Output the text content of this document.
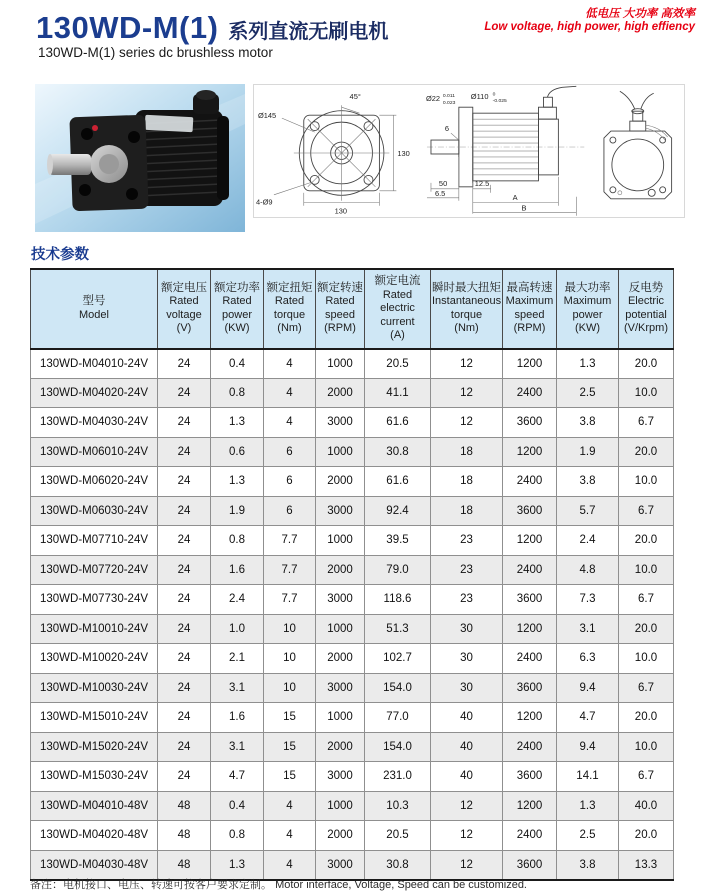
130WD-M(1) 系列直流无刷电机
130WD-M(1) series dc brushless motor
低电压 大功率 高效率
Low voltage, high power, high effiency
Ø145
45°
130
130
4-Ø9
Ø22 0.011 0.023
Ø110 0 -0.025
6
50
6.5
12.5
A
B
技术参数
型号
Model

额定电压
Rated voltage
(V)

额定功率
Rated power
(KW)

额定扭矩
Rated torque
(Nm)

额定转速
Rated speed
(RPM)

额定电流
Rated electric current
(A)

瞬时最大扭矩
Instantaneous torque
(Nm)

最高转速
Maximum speed
(RPM)

最大功率
Maximum power
(KW)

反电势
Electric potential
(V/Krpm)

130WD-M04010-24V	24	0.4	4	1000	20.5	12	1200	1.3	20.0
130WD-M04020-24V	24	0.8	4	2000	41.1	12	2400	2.5	10.0
130WD-M04030-24V	24	1.3	4	3000	61.6	12	3600	3.8	6.7
130WD-M06010-24V	24	0.6	6	1000	30.8	18	1200	1.9	20.0
130WD-M06020-24V	24	1.3	6	2000	61.6	18	2400	3.8	10.0
130WD-M06030-24V	24	1.9	6	3000	92.4	18	3600	5.7	6.7
130WD-M07710-24V	24	0.8	7.7	1000	39.5	23	1200	2.4	20.0
130WD-M07720-24V	24	1.6	7.7	2000	79.0	23	2400	4.8	10.0
130WD-M07730-24V	24	2.4	7.7	3000	118.6	23	3600	7.3	6.7
130WD-M10010-24V	24	1.0	10	1000	51.3	30	1200	3.1	20.0
130WD-M10020-24V	24	2.1	10	2000	102.7	30	2400	6.3	10.0
130WD-M10030-24V	24	3.1	10	3000	154.0	30	3600	9.4	6.7
130WD-M15010-24V	24	1.6	15	1000	77.0	40	1200	4.7	20.0
130WD-M15020-24V	24	3.1	15	2000	154.0	40	2400	9.4	10.0
130WD-M15030-24V	24	4.7	15	3000	231.0	40	3600	14.1	6.7
130WD-M04010-48V	48	0.4	4	1000	10.3	12	1200	1.3	40.0
130WD-M04020-48V	48	0.8	4	2000	20.5	12	2400	2.5	20.0
130WD-M04030-48V	48	1.3	4	3000	30.8	12	3600	3.8	13.3
备注：电机接口、电压、转速可按客户要求定制。 Motor interface, Voltage, Speed can be customized.
